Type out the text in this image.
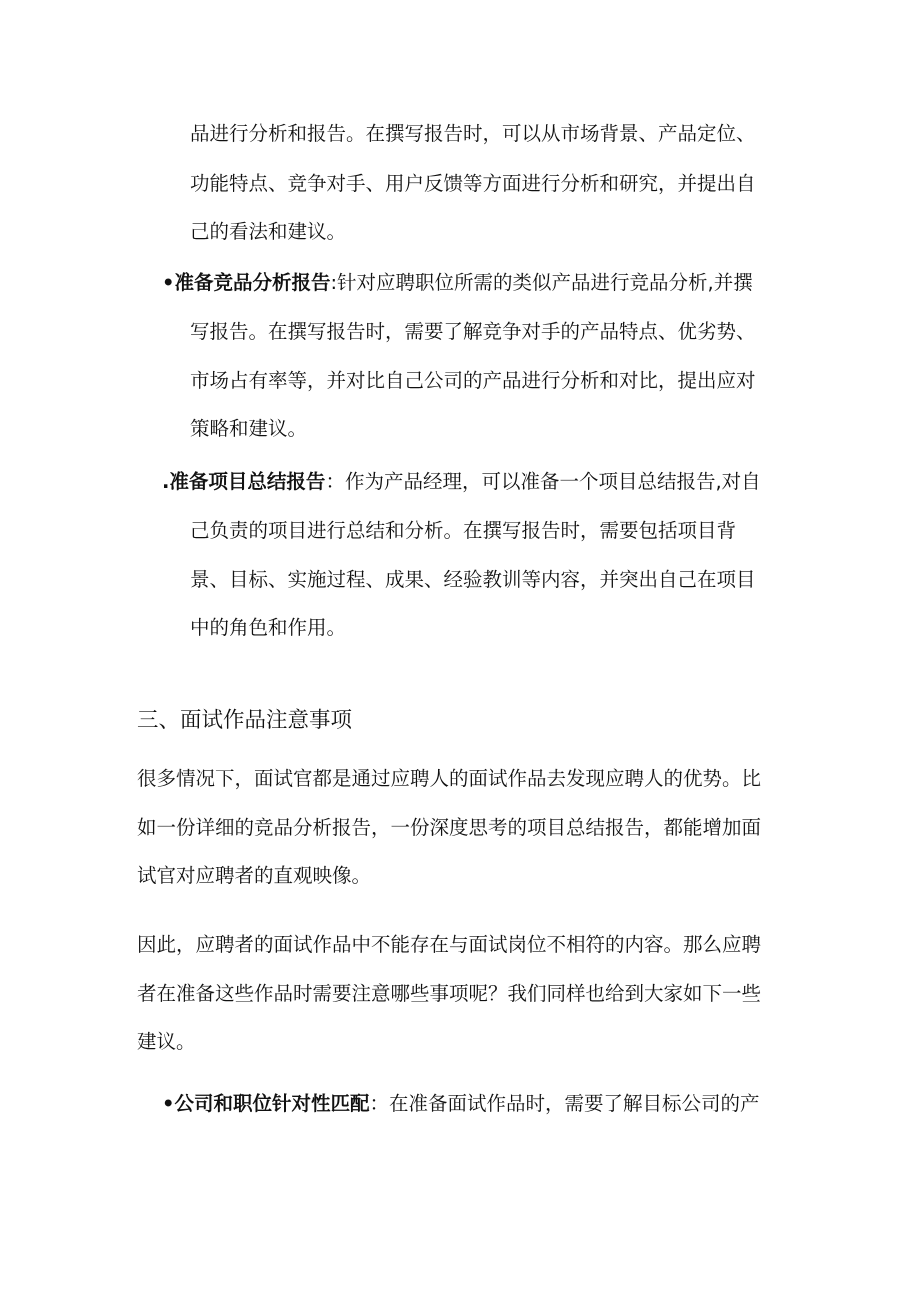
品进行分析和报告。在撰写报告时，可以从市场背景、产品定位、
功能特点、竞争对手、用户反馈等方面进行分析和研究，并提出自
己的看法和建议。
•准备竞品分析报告:针对应聘职位所需的类似产品进行竞品分析,并撰
写报告。在撰写报告时，需要了解竞争对手的产品特点、优劣势、
市场占有率等，并对比自己公司的产品进行分析和对比，提出应对
策略和建议。
.准备项目总结报告：作为产品经理，可以准备一个项目总结报告,对自
己负责的项目进行总结和分析。在撰写报告时，需要包括项目背
景、目标、实施过程、成果、经验教训等内容，并突出自己在项目
中的角色和作用。
三、面试作品注意事项
很多情况下，面试官都是通过应聘人的面试作品去发现应聘人的优势。比
如一份详细的竞品分析报告，一份深度思考的项目总结报告，都能增加面
试官对应聘者的直观映像。
因此，应聘者的面试作品中不能存在与面试岗位不相符的内容。那么应聘
者在准备这些作品时需要注意哪些事项呢？我们同样也给到大家如下一些
建议。
•公司和职位针对性匹配：在准备面试作品时，需要了解目标公司的产
